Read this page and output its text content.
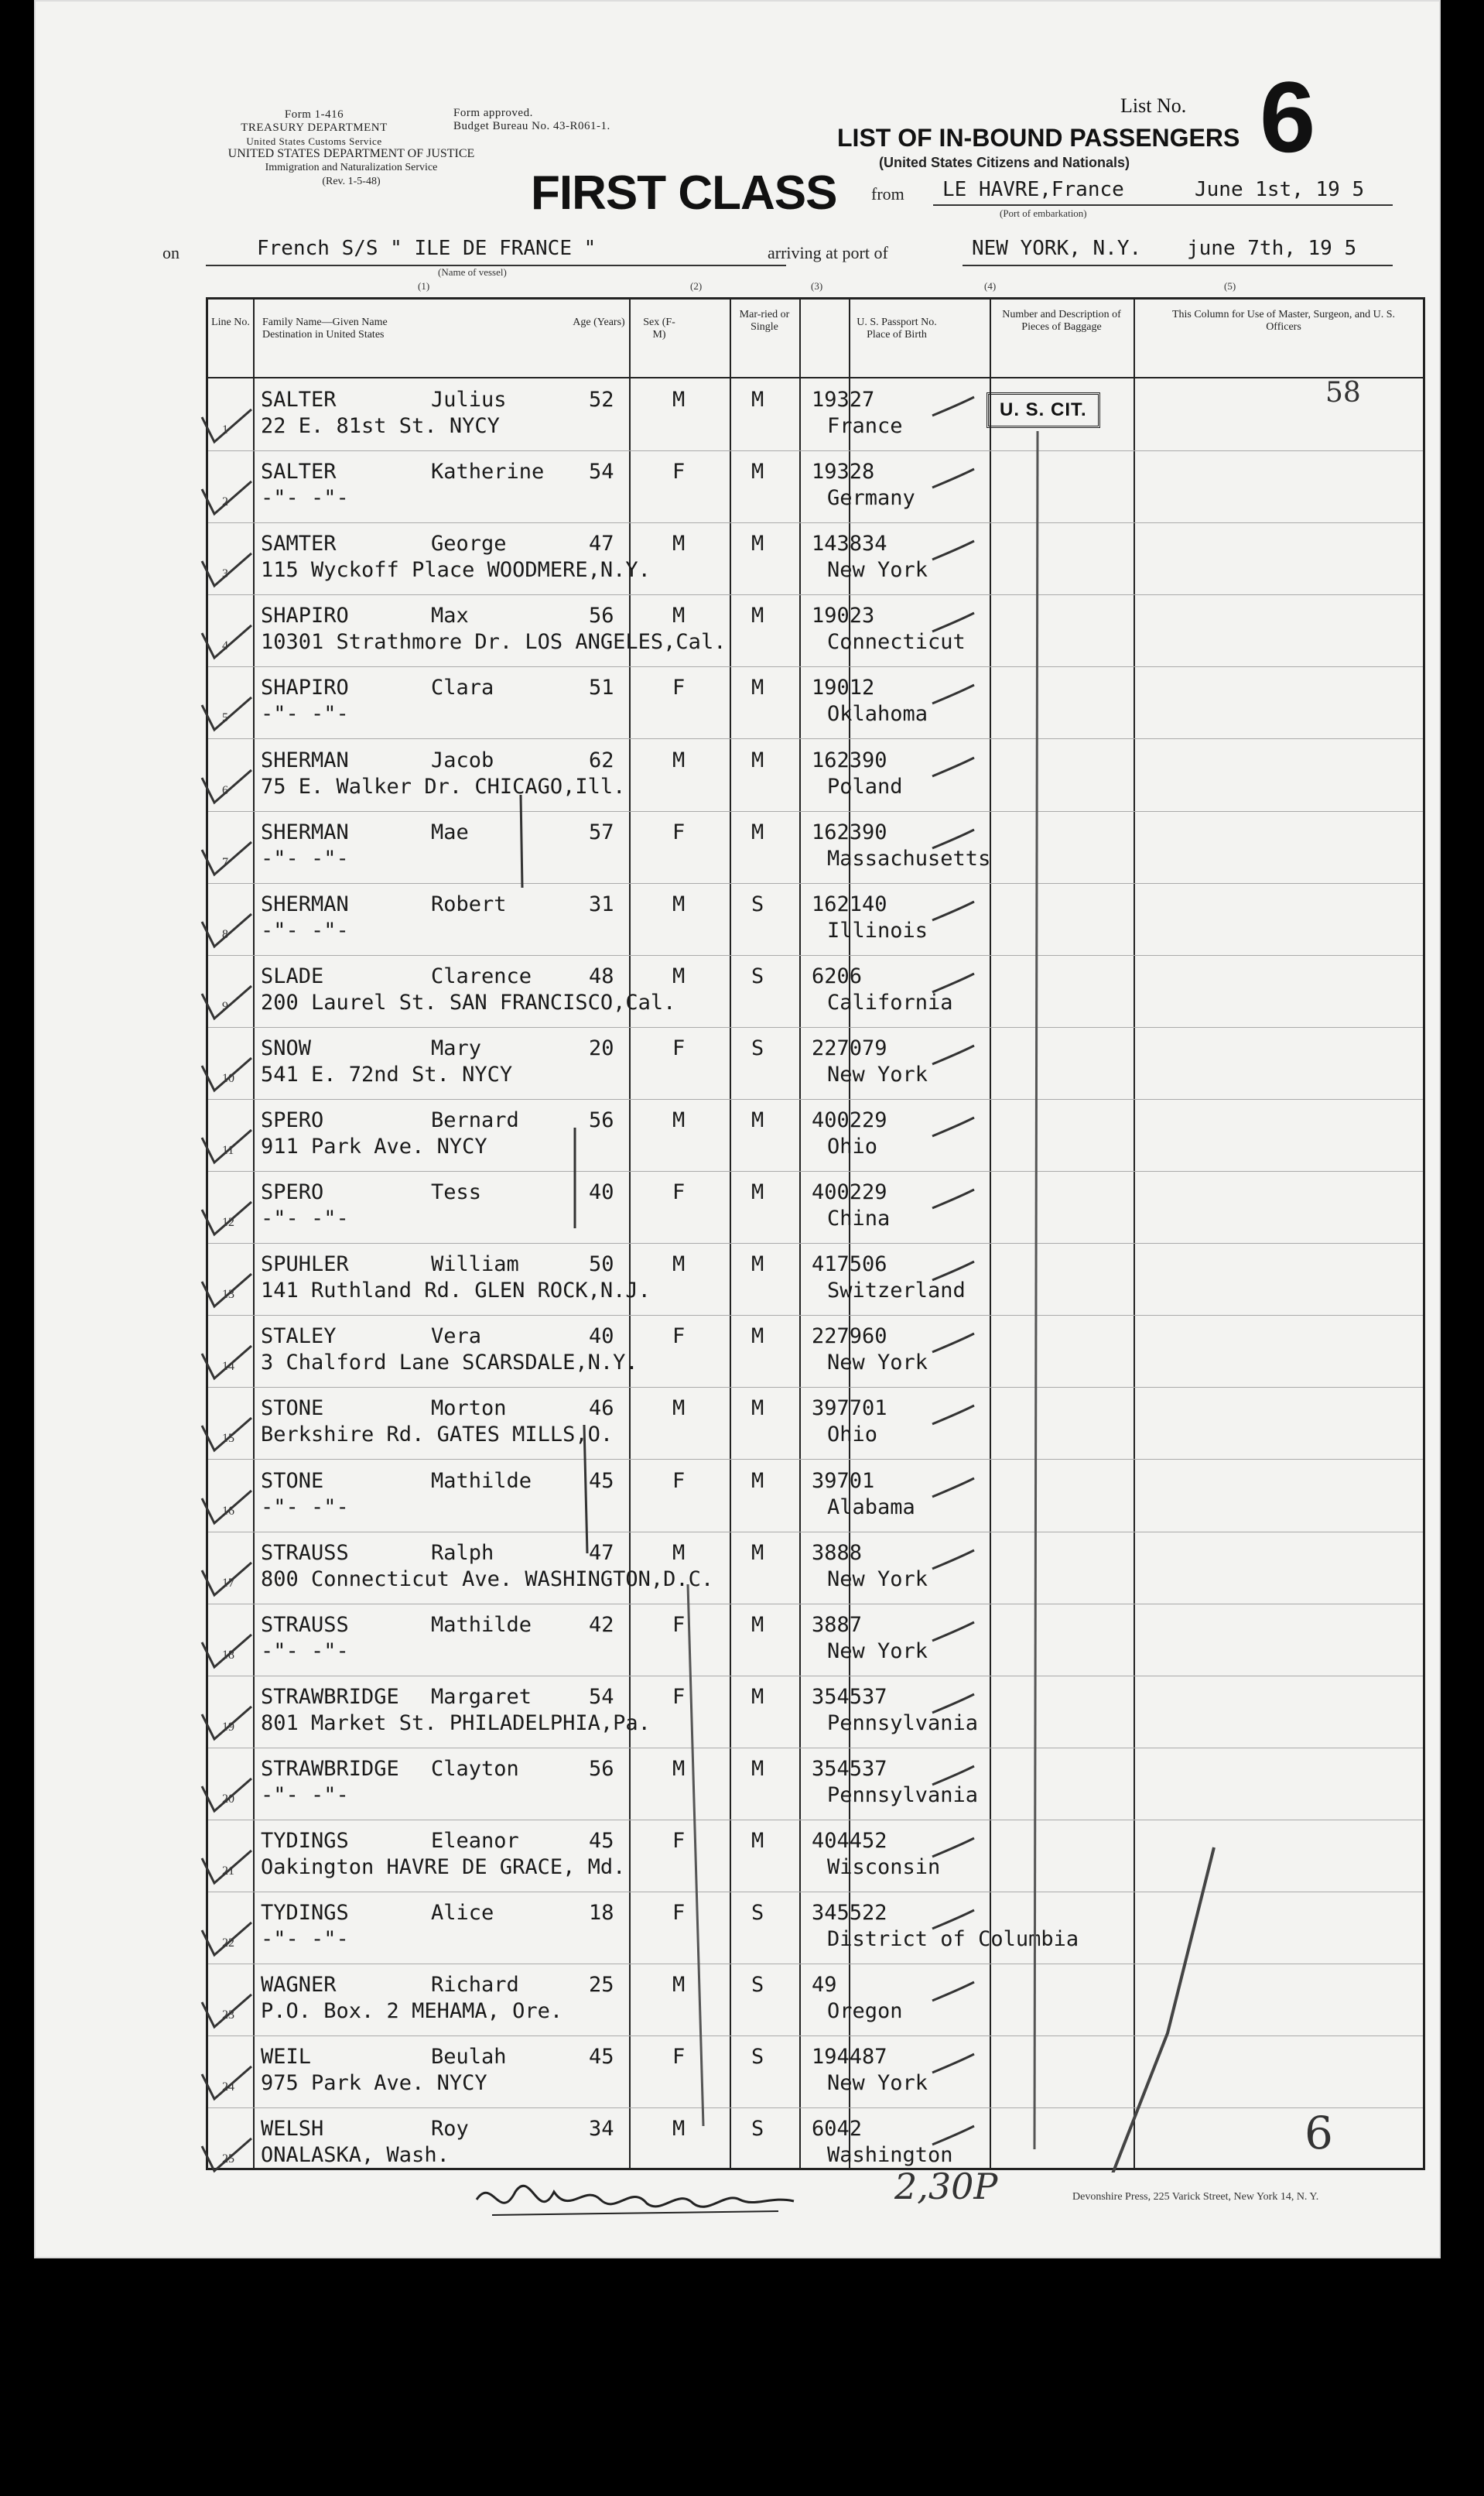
Form 1-416
TREASURY DEPARTMENT
United States Customs Service
Form approved.
Budget Bureau No. 43-R061-1.
UNITED STATES DEPARTMENT OF JUSTICE
Immigration and Naturalization Service
(Rev. 1-5-48)
List No. 6
LIST OF IN-BOUND PASSENGERS
(United States Citizens and Nationals)
FIRST CLASS from LE HAVRE,France	June 1st, 19 5
(Port of embarkation)
on	French S/S " ILE DE FRANCE "
(Name of vessel)
arriving at port of	NEW YORK, N.Y. june 7th, 19 5
(1)	(2)	(3)	(4)	(5)
Line No. Family Name—Given Name
Destination in United States
Age (Years) Sex (F-M)
Mar-ried or Single	U. S. Passport No.
Place of Birth
Number and Description of Pieces of Baggage
This Column for Use of Master, Surgeon, and U. S. Officers
1
SALTER	Julius
22 E. 81st St. NYCY
52	M	M 19327
France
2
SALTER	Katherine
-"- -"-
54	F	M 19328
Germany
3
SAMTER	George
115 Wyckoff Place WOODMERE,N.Y.
47	M	M 143834
New York
4
SHAPIRO	Max
10301 Strathmore Dr. LOS ANGELES,Cal.
56	M	M 19023
Connecticut
5
SHAPIRO	Clara
-"- -"-
51	F	M 19012
Oklahoma
6
SHERMAN	Jacob
75 E. Walker Dr. CHICAGO,Ill.
62	M	M 162390
Poland
7
SHERMAN	Mae
-"- -"-
57	F	M 162390
Massachusetts
8
SHERMAN	Robert
-"- -"-
31	M	S 162140
Illinois
9
SLADE	Clarence
200 Laurel St. SAN FRANCISCO,Cal.
48	M	S 6206
California
10
SNOW	Mary
541 E. 72nd St. NYCY
20	F	S 227079
New York
11
SPERO	Bernard
911 Park Ave. NYCY
56	M	M 400229
Ohio
12
SPERO	Tess
-"- -"-
40	F	M 400229
China
13
SPUHLER	William
141 Ruthland Rd. GLEN ROCK,N.J.
50	M	M 417506
Switzerland
14
STALEY	Vera
3 Chalford Lane SCARSDALE,N.Y.
40	F	M 227960
New York
15
STONE	Morton
Berkshire Rd. GATES MILLS,O.
46	M	M 397701
Ohio
16
STONE	Mathilde
-"- -"-
45	F	M 39701
Alabama
17
STRAUSS	Ralph
800 Connecticut Ave. WASHINGTON,D.C.
47	M	M 3888
New York
18
STRAUSS	Mathilde
-"- -"-
42	F	M 3887
New York
19
STRAWBRIDGE Margaret
801 Market St. PHILADELPHIA,Pa.
54	F	M 354537
Pennsylvania
20
STRAWBRIDGE Clayton
-"- -"-
56	M	M 354537
Pennsylvania
21
TYDINGS	Eleanor
Oakington HAVRE DE GRACE, Md.
45	F	M 404452
Wisconsin
22
TYDINGS	Alice
-"- -"-
18	F	S 345522
District of Columbia
23
WAGNER	Richard
P.O. Box. 2 MEHAMA, Ore.
25	M	S 49
Oregon
24
WEIL	Beulah
975 Park Ave. NYCY
45	F	S 194487
New York
25
WELSH	Roy
ONALASKA, Wash.
34	M	S 6042
Washington
U. S. CIT.
58
6
2,30P	Devonshire Press, 225 Varick Street, New York 14, N. Y.
